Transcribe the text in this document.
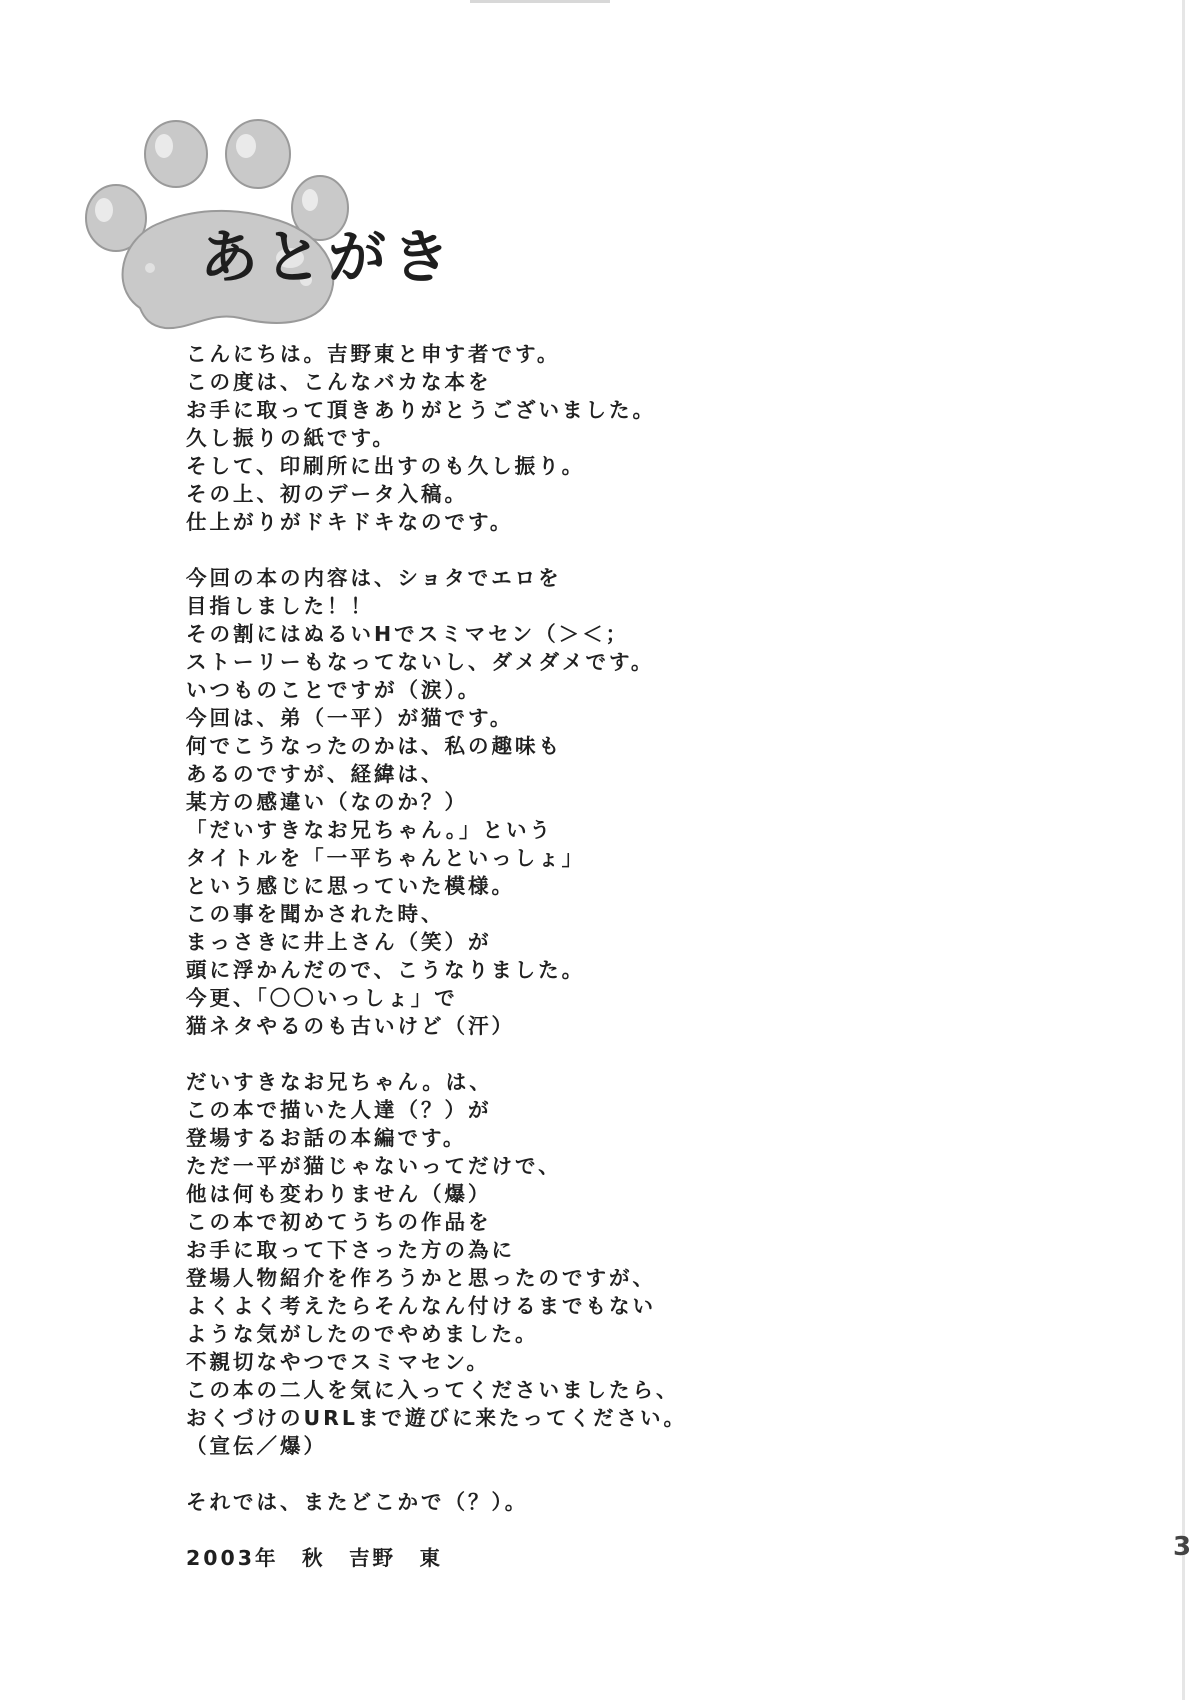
あとがき
こんにちは。吉野東と申す者です。
この度は、こんなバカな本を
お手に取って頂きありがとうございました。
久し振りの紙です。
そして、印刷所に出すのも久し振り。
その上、初のデータ入稿。
仕上がりがドキドキなのです。
今回の本の内容は、ショタでエロを
目指しました！！
その割にはぬるいHでスミマセン（＞＜；
ストーリーもなってないし、ダメダメです。
いつものことですが（涙）。
今回は、弟（一平）が猫です。
何でこうなったのかは、私の趣味も
あるのですが、経緯は、
某方の感違い（なのか？）
「だいすきなお兄ちゃん。」という
タイトルを「一平ちゃんといっしょ」
という感じに思っていた模様。
この事を聞かされた時、
まっさきに井上さん（笑）が
頭に浮かんだので、こうなりました。
今更、「〇〇いっしょ」で
猫ネタやるのも古いけど（汗）
だいすきなお兄ちゃん。は、
この本で描いた人達（？）が
登場するお話の本編です。
ただ一平が猫じゃないってだけで、
他は何も変わりません（爆）
この本で初めてうちの作品を
お手に取って下さった方の為に
登場人物紹介を作ろうかと思ったのですが、
よくよく考えたらそんなん付けるまでもない
ような気がしたのでやめました。
不親切なやつでスミマセン。
この本の二人を気に入ってくださいましたら、
おくづけのURLまで遊びに来たってください。
（宣伝／爆）
それでは、またどこかで（？）。
2003年　秋　吉野　東	3
